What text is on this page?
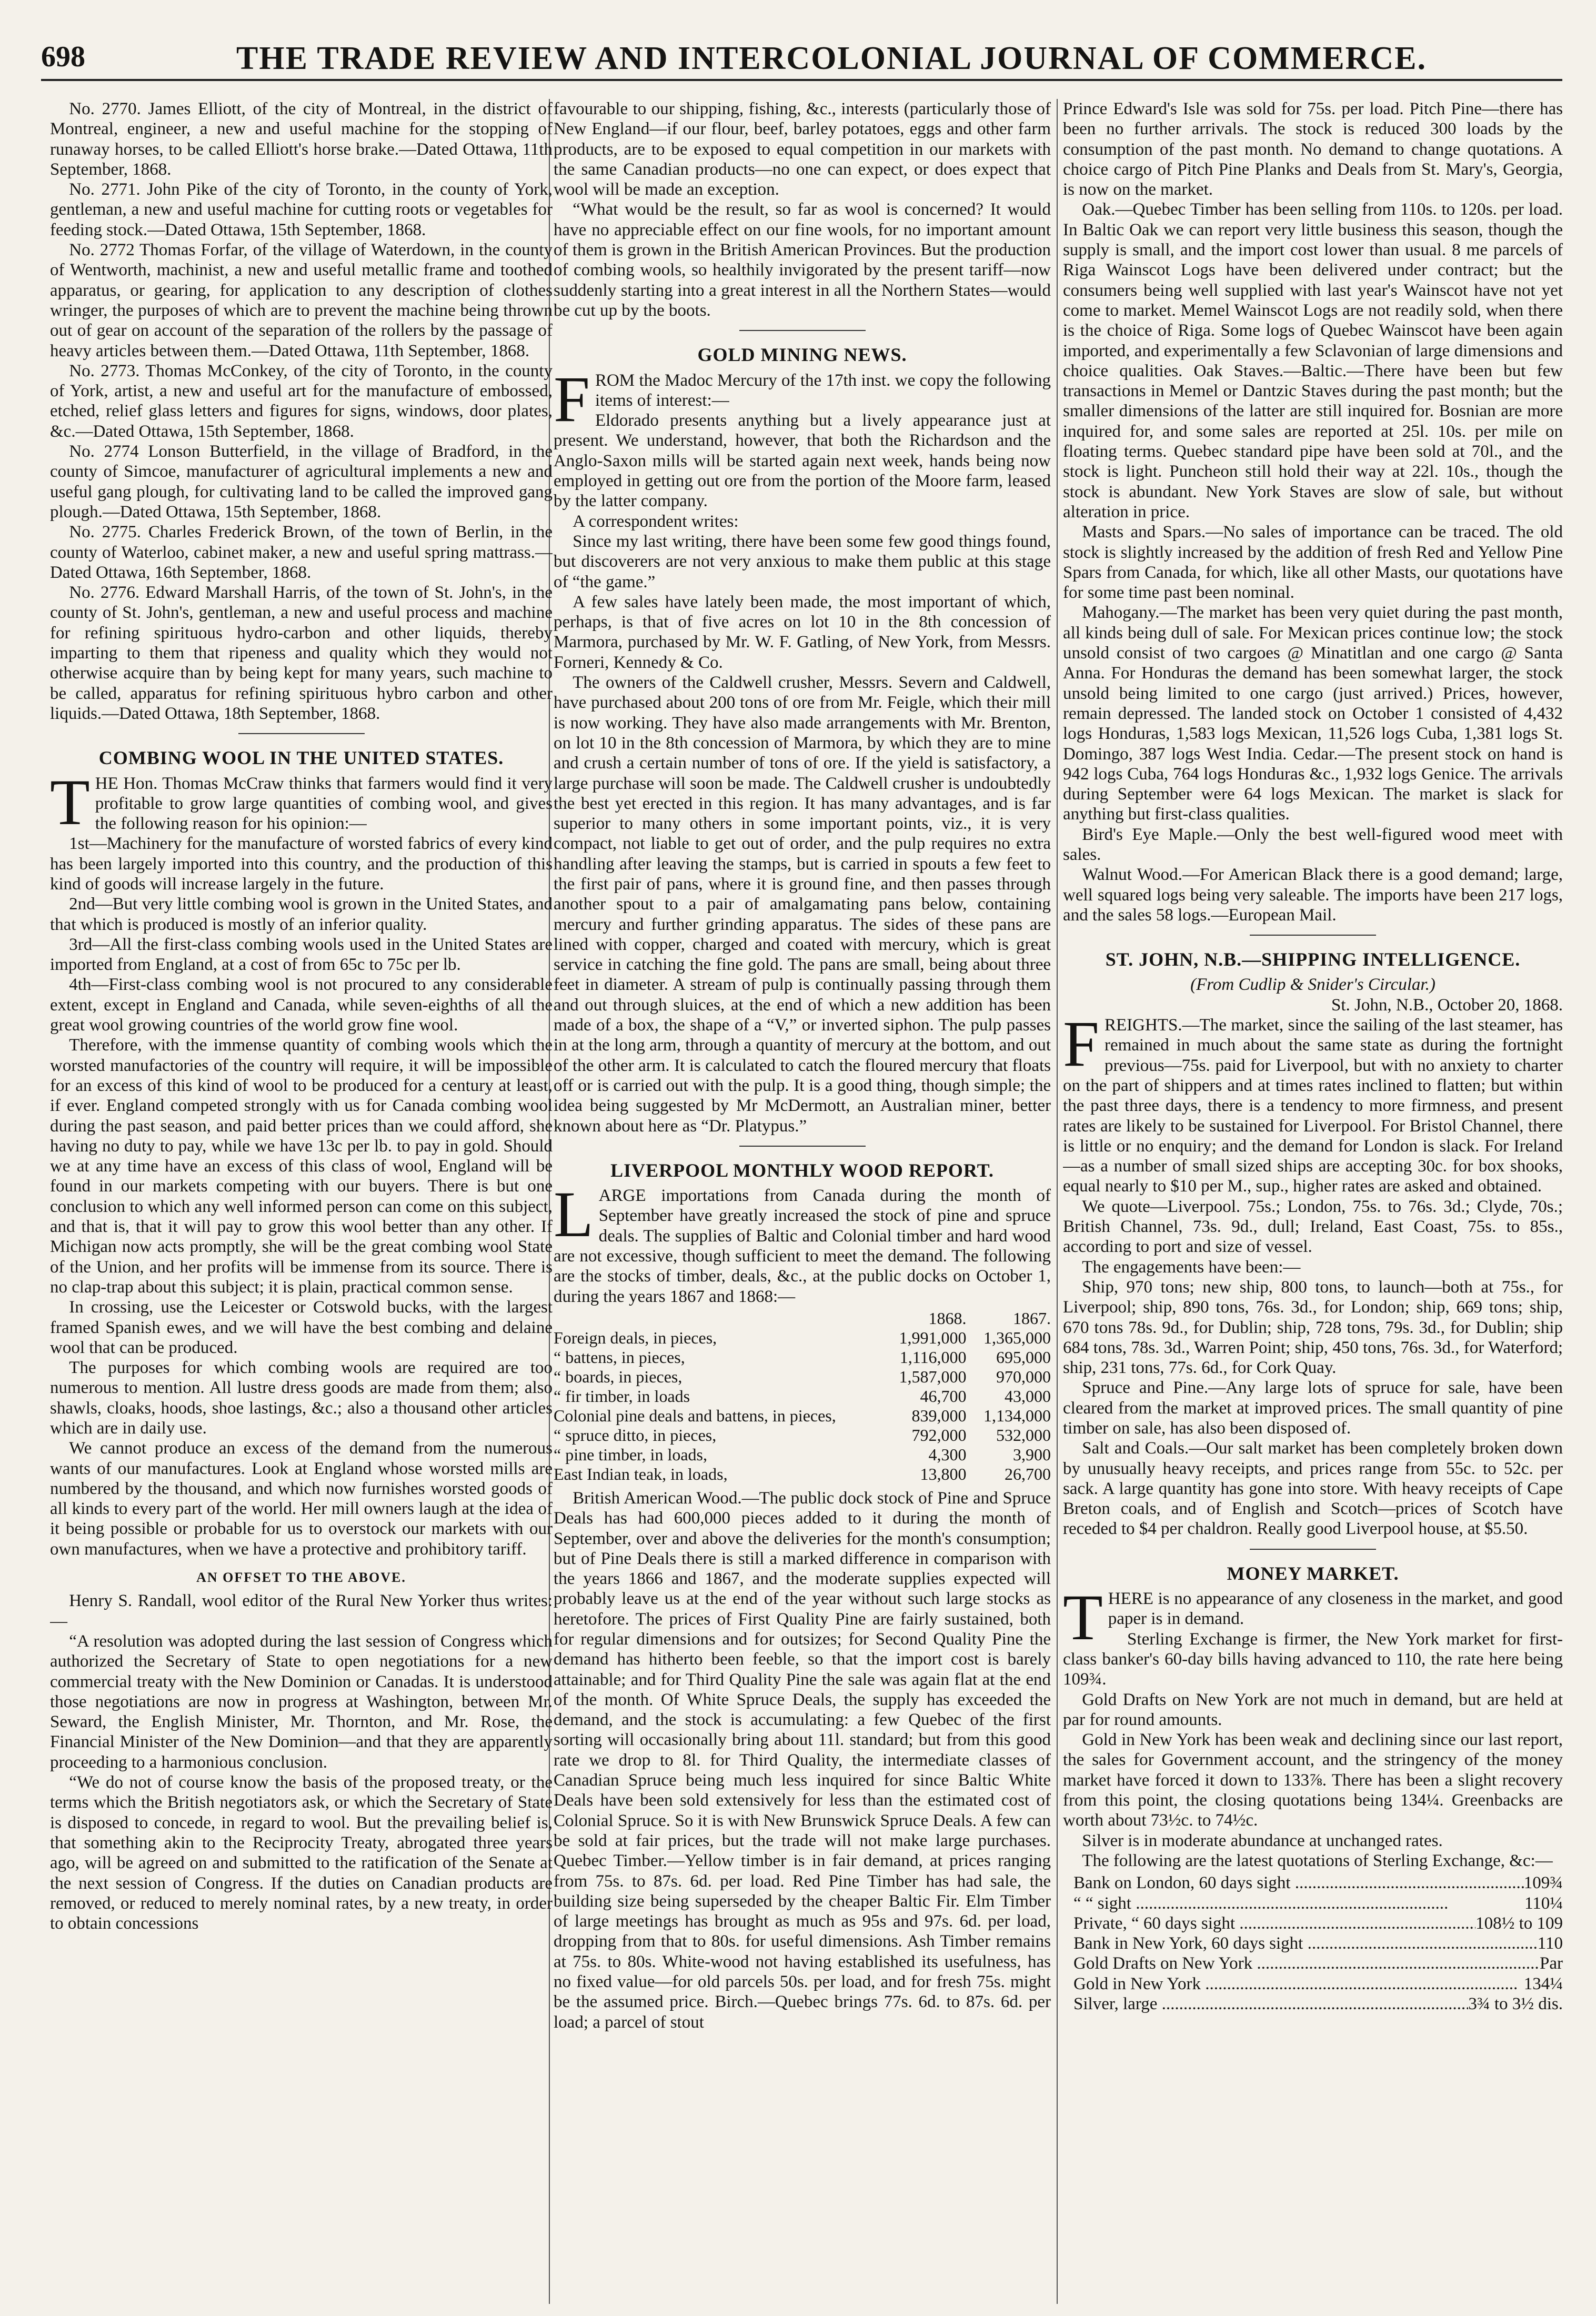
698	THE TRADE REVIEW AND INTERCOLONIAL JOURNAL OF COMMERCE.

No. 2770. James Elliott, of the city of Montreal, in the district of Montreal, engineer, a new and useful machine for the stopping of runaway horses, to be called Elliott's horse brake.—Dated Ottawa, 11th September, 1868.

No. 2771. John Pike of the city of Toronto, in the county of York, gentleman, a new and useful machine for cutting roots or vegetables for feeding stock.—Dated Ottawa, 15th September, 1868.

No. 2772 Thomas Forfar, of the village of Waterdown, in the county of Wentworth, machinist, a new and useful metallic frame and toothed apparatus, or gearing, for application to any description of clothes wringer, the purposes of which are to prevent the machine being thrown out of gear on account of the separation of the rollers by the passage of heavy articles between them.—Dated Ottawa, 11th September, 1868.

No. 2773. Thomas McConkey, of the city of Toronto, in the county of York, artist, a new and useful art for the manufacture of embossed, etched, relief glass letters and figures for signs, windows, door plates, &c.—Dated Ottawa, 15th September, 1868.

No. 2774 Lonson Butterfield, in the village of Bradford, in the county of Simcoe, manufacturer of agricultural implements a new and useful gang plough, for cultivating land to be called the improved gang plough.—Dated Ottawa, 15th September, 1868.

No. 2775. Charles Frederick Brown, of the town of Berlin, in the county of Waterloo, cabinet maker, a new and useful spring mattrass.—Dated Ottawa, 16th September, 1868.

No. 2776. Edward Marshall Harris, of the town of St. John's, in the county of St. John's, gentleman, a new and useful process and machine for refining spirituous hydro-carbon and other liquids, thereby imparting to them that ripeness and quality which they would not otherwise acquire than by being kept for many years, such machine to be called, apparatus for refining spirituous hybro carbon and other liquids.—Dated Ottawa, 18th September, 1868.

COMBING WOOL IN THE UNITED STATES.

THE Hon. Thomas McCraw thinks that farmers would find it very profitable to grow large quantities of combing wool, and gives the following reason for his opinion:—

1st—Machinery for the manufacture of worsted fabrics of every kind has been largely imported into this country, and the production of this kind of goods will increase largely in the future.

2nd—But very little combing wool is grown in the United States, and that which is produced is mostly of an inferior quality.

3rd—All the first-class combing wools used in the United States are imported from England, at a cost of from 65c to 75c per lb.

4th—First-class combing wool is not procured to any considerable extent, except in England and Canada, while seven-eighths of all the great wool growing countries of the world grow fine wool.

Therefore, with the immense quantity of combing wools which the worsted manufactories of the country will require, it will be impossible for an excess of this kind of wool to be produced for a century at least, if ever. England competed strongly with us for Canada combing wool during the past season, and paid better prices than we could afford, she having no duty to pay, while we have 13c per lb. to pay in gold. Should we at any time have an excess of this class of wool, England will be found in our markets competing with our buyers. There is but one conclusion to which any well informed person can come on this subject, and that is, that it will pay to grow this wool better than any other. If Michigan now acts promptly, she will be the great combing wool State of the Union, and her profits will be immense from its source. There is no clap-trap about this subject; it is plain, practical common sense.

In crossing, use the Leicester or Cotswold bucks, with the largest framed Spanish ewes, and we will have the best combing and delaine wool that can be produced.

The purposes for which combing wools are required are too numerous to mention. All lustre dress goods are made from them; also shawls, cloaks, hoods, shoe lastings, &c.; also a thousand other articles which are in daily use.

We cannot produce an excess of the demand from the numerous wants of our manufactures. Look at England whose worsted mills are numbered by the thousand, and which now furnishes worsted goods of all kinds to every part of the world. Her mill owners laugh at the idea of it being possible or probable for us to overstock our markets with our own manufactures, when we have a protective and prohibitory tariff.

AN OFFSET TO THE ABOVE.

Henry S. Randall, wool editor of the Rural New Yorker thus writes:—

“A resolution was adopted during the last session of Congress which authorized the Secretary of State to open negotiations for a new commercial treaty with the New Dominion or Canadas. It is understood those negotiations are now in progress at Washington, between Mr. Seward, the English Minister, Mr. Thornton, and Mr. Rose, the Financial Minister of the New Dominion—and that they are apparently proceeding to a harmonious conclusion.

“We do not of course know the basis of the proposed treaty, or the terms which the British negotiators ask, or which the Secretary of State is disposed to concede, in regard to wool. But the prevailing belief is, that something akin to the Reciprocity Treaty, abrogated three years ago, will be agreed on and submitted to the ratification of the Senate at the next session of Congress. If the duties on Canadian products are removed, or reduced to merely nominal rates, by a new treaty, in order to obtain concessions

favourable to our shipping, fishing, &c., interests (particularly those of New England—if our flour, beef, barley potatoes, eggs and other farm products, are to be exposed to equal competition in our markets with the same Canadian products—no one can expect, or does expect that wool will be made an exception.

“What would be the result, so far as wool is concerned? It would have no appreciable effect on our fine wools, for no important amount of them is grown in the British American Provinces. But the production of combing wools, so healthily invigorated by the present tariff—now suddenly starting into a great interest in all the Northern States—would be cut up by the boots.

GOLD MINING NEWS.

FROM the Madoc Mercury of the 17th inst. we copy the following items of interest:—

Eldorado presents anything but a lively appearance just at present. We understand, however, that both the Richardson and the Anglo-Saxon mills will be started again next week, hands being now employed in getting out ore from the portion of the Moore farm, leased by the latter company.

A correspondent writes:

Since my last writing, there have been some few good things found, but discoverers are not very anxious to make them public at this stage of “the game.”

A few sales have lately been made, the most important of which, perhaps, is that of five acres on lot 10 in the 8th concession of Marmora, purchased by Mr. W. F. Gatling, of New York, from Messrs. Forneri, Kennedy & Co.

The owners of the Caldwell crusher, Messrs. Severn and Caldwell, have purchased about 200 tons of ore from Mr. Feigle, which their mill is now working. They have also made arrangements with Mr. Brenton, on lot 10 in the 8th concession of Marmora, by which they are to mine and crush a certain number of tons of ore. If the yield is satisfactory, a large purchase will soon be made. The Caldwell crusher is undoubtedly the best yet erected in this region. It has many advantages, and is far superior to many others in some important points, viz., it is very compact, not liable to get out of order, and the pulp requires no extra handling after leaving the stamps, but is carried in spouts a few feet to the first pair of pans, where it is ground fine, and then passes through another spout to a pair of amalgamating pans below, containing mercury and further grinding apparatus. The sides of these pans are lined with copper, charged and coated with mercury, which is great service in catching the fine gold. The pans are small, being about three feet in diameter. A stream of pulp is continually passing through them and out through sluices, at the end of which a new addition has been made of a box, the shape of a “V,” or inverted siphon. The pulp passes in at the long arm, through a quantity of mercury at the bottom, and out of the other arm. It is calculated to catch the floured mercury that floats off or is carried out with the pulp. It is a good thing, though simple; the idea being suggested by Mr McDermott, an Australian miner, better known about here as “Dr. Platypus.”

LIVERPOOL MONTHLY WOOD REPORT.

LARGE importations from Canada during the month of September have greatly increased the stock of pine and spruce deals. The supplies of Baltic and Colonial timber and hard wood are not excessive, though sufficient to meet the demand. The following are the stocks of timber, deals, &c., at the public docks on October 1, during the years 1867 and 1868:—

	1868.	1867.
Foreign deals, in pieces,	1,991,000	1,365,000
“ battens, in pieces,	1,116,000	695,000
“ boards, in pieces,	1,587,000	970,000
“ fir timber, in loads	46,700	43,000
Colonial pine deals and battens, in pieces,	839,000	1,134,000
“ spruce ditto, in pieces,	792,000	532,000
“ pine timber, in loads,	4,300	3,900
East Indian teak, in loads,	13,800	26,700

British American Wood.—The public dock stock of Pine and Spruce Deals has had 600,000 pieces added to it during the month of September, over and above the deliveries for the month's consumption; but of Pine Deals there is still a marked difference in comparison with the years 1866 and 1867, and the moderate supplies expected will probably leave us at the end of the year without such large stocks as heretofore. The prices of First Quality Pine are fairly sustained, both for regular dimensions and for outsizes; for Second Quality Pine the demand has hitherto been feeble, so that the import cost is barely attainable; and for Third Quality Pine the sale was again flat at the end of the month. Of White Spruce Deals, the supply has exceeded the demand, and the stock is accumulating: a few Quebec of the first sorting will occasionally bring about 11l. standard; but from this good rate we drop to 8l. for Third Quality, the intermediate classes of Canadian Spruce being much less inquired for since Baltic White Deals have been sold extensively for less than the estimated cost of Colonial Spruce. So it is with New Brunswick Spruce Deals. A few can be sold at fair prices, but the trade will not make large purchases. Quebec Timber.—Yellow timber is in fair demand, at prices ranging from 75s. to 87s. 6d. per load. Red Pine Timber has had sale, the building size being superseded by the cheaper Baltic Fir. Elm Timber of large meetings has brought as much as 95s and 97s. 6d. per load, dropping from that to 80s. for useful dimensions. Ash Timber remains at 75s. to 80s. White-wood not having established its usefulness, has no fixed value—for old parcels 50s. per load, and for fresh 75s. might be the assumed price. Birch.—Quebec brings 77s. 6d. to 87s. 6d. per load; a parcel of stout

Prince Edward's Isle was sold for 75s. per load. Pitch Pine—there has been no further arrivals. The stock is reduced 300 loads by the consumption of the past month. No demand to change quotations. A choice cargo of Pitch Pine Planks and Deals from St. Mary's, Georgia, is now on the market.

Oak.—Quebec Timber has been selling from 110s. to 120s. per load. In Baltic Oak we can report very little business this season, though the supply is small, and the import cost lower than usual. 8 me parcels of Riga Wainscot Logs have been delivered under contract; but the consumers being well supplied with last year's Wainscot have not yet come to market. Memel Wainscot Logs are not readily sold, when there is the choice of Riga. Some logs of Quebec Wainscot have been again imported, and experimentally a few Sclavonian of large dimensions and choice qualities. Oak Staves.—Baltic.—There have been but few transactions in Memel or Dantzic Staves during the past month; but the smaller dimensions of the latter are still inquired for. Bosnian are more inquired for, and some sales are reported at 25l. 10s. per mile on floating terms. Quebec standard pipe have been sold at 70l., and the stock is light. Puncheon still hold their way at 22l. 10s., though the stock is abundant. New York Staves are slow of sale, but without alteration in price.

Masts and Spars.—No sales of importance can be traced. The old stock is slightly increased by the addition of fresh Red and Yellow Pine Spars from Canada, for which, like all other Masts, our quotations have for some time past been nominal.

Mahogany.—The market has been very quiet during the past month, all kinds being dull of sale. For Mexican prices continue low; the stock unsold consist of two cargoes @ Minatitlan and one cargo @ Santa Anna. For Honduras the demand has been somewhat larger, the stock unsold being limited to one cargo (just arrived.) Prices, however, remain depressed. The landed stock on October 1 consisted of 4,432 logs Honduras, 1,583 logs Mexican, 11,526 logs Cuba, 1,381 logs St. Domingo, 387 logs West India. Cedar.—The present stock on hand is 942 logs Cuba, 764 logs Honduras &c., 1,932 logs Genice. The arrivals during September were 64 logs Mexican. The market is slack for anything but first-class qualities.

Bird's Eye Maple.—Only the best well-figured wood meet with sales.

Walnut Wood.—For American Black there is a good demand; large, well squared logs being very saleable. The imports have been 217 logs, and the sales 58 logs.—European Mail.

ST. JOHN, N.B.—SHIPPING INTELLIGENCE.

(From Cudlip & Snider's Circular.)

St. John, N.B., October 20, 1868.

FREIGHTS.—The market, since the sailing of the last steamer, has remained in much about the same state as during the fortnight previous—75s. paid for Liverpool, but with no anxiety to charter on the part of shippers and at times rates inclined to flatten; but within the past three days, there is a tendency to more firmness, and present rates are likely to be sustained for Liverpool. For Bristol Channel, there is little or no enquiry; and the demand for London is slack. For Ireland—as a number of small sized ships are accepting 30c. for box shooks, equal nearly to $10 per M., sup., higher rates are asked and obtained.

We quote—Liverpool. 75s.; London, 75s. to 76s. 3d.; Clyde, 70s.; British Channel, 73s. 9d., dull; Ireland, East Coast, 75s. to 85s., according to port and size of vessel.

The engagements have been:—

Ship, 970 tons; new ship, 800 tons, to launch—both at 75s., for Liverpool; ship, 890 tons, 76s. 3d., for London; ship, 669 tons; ship, 670 tons 78s. 9d., for Dublin; ship, 728 tons, 79s. 3d., for Dublin; ship 684 tons, 78s. 3d., Warren Point; ship, 450 tons, 76s. 3d., for Waterford; ship, 231 tons, 77s. 6d., for Cork Quay.

Spruce and Pine.—Any large lots of spruce for sale, have been cleared from the market at improved prices. The small quantity of pine timber on sale, has also been disposed of.

Salt and Coals.—Our salt market has been completely broken down by unusually heavy receipts, and prices range from 55c. to 52c. per sack. A large quantity has gone into store. With heavy receipts of Cape Breton coals, and of English and Scotch—prices of Scotch have receded to $4 per chaldron. Really good Liverpool house, at $5.50.

MONEY MARKET.

THERE is no appearance of any closeness in the market, and good paper is in demand.

Sterling Exchange is firmer, the New York market for first-class banker's 60-day bills having advanced to 110, the rate here being 109¾.

Gold Drafts on New York are not much in demand, but are held at par for round amounts.

Gold in New York has been weak and declining since our last report, the sales for Government account, and the stringency of the money market have forced it down to 133⅞. There has been a slight recovery from this point, the closing quotations being 134¼. Greenbacks are worth about 73½c. to 74½c.

Silver is in moderate abundance at unchanged rates.

The following are the latest quotations of Sterling Exchange, &c:—

Bank on London, 60 days sight .....	109¾
“ “ sight .....	110¼
Private, “ 60 days sight .....	108½ to 109
Bank in New York, 60 days sight .....	110
Gold Drafts on New York .....	Par
Gold in New York .....	134¼
Silver, large .....	3¾ to 3½ dis.
